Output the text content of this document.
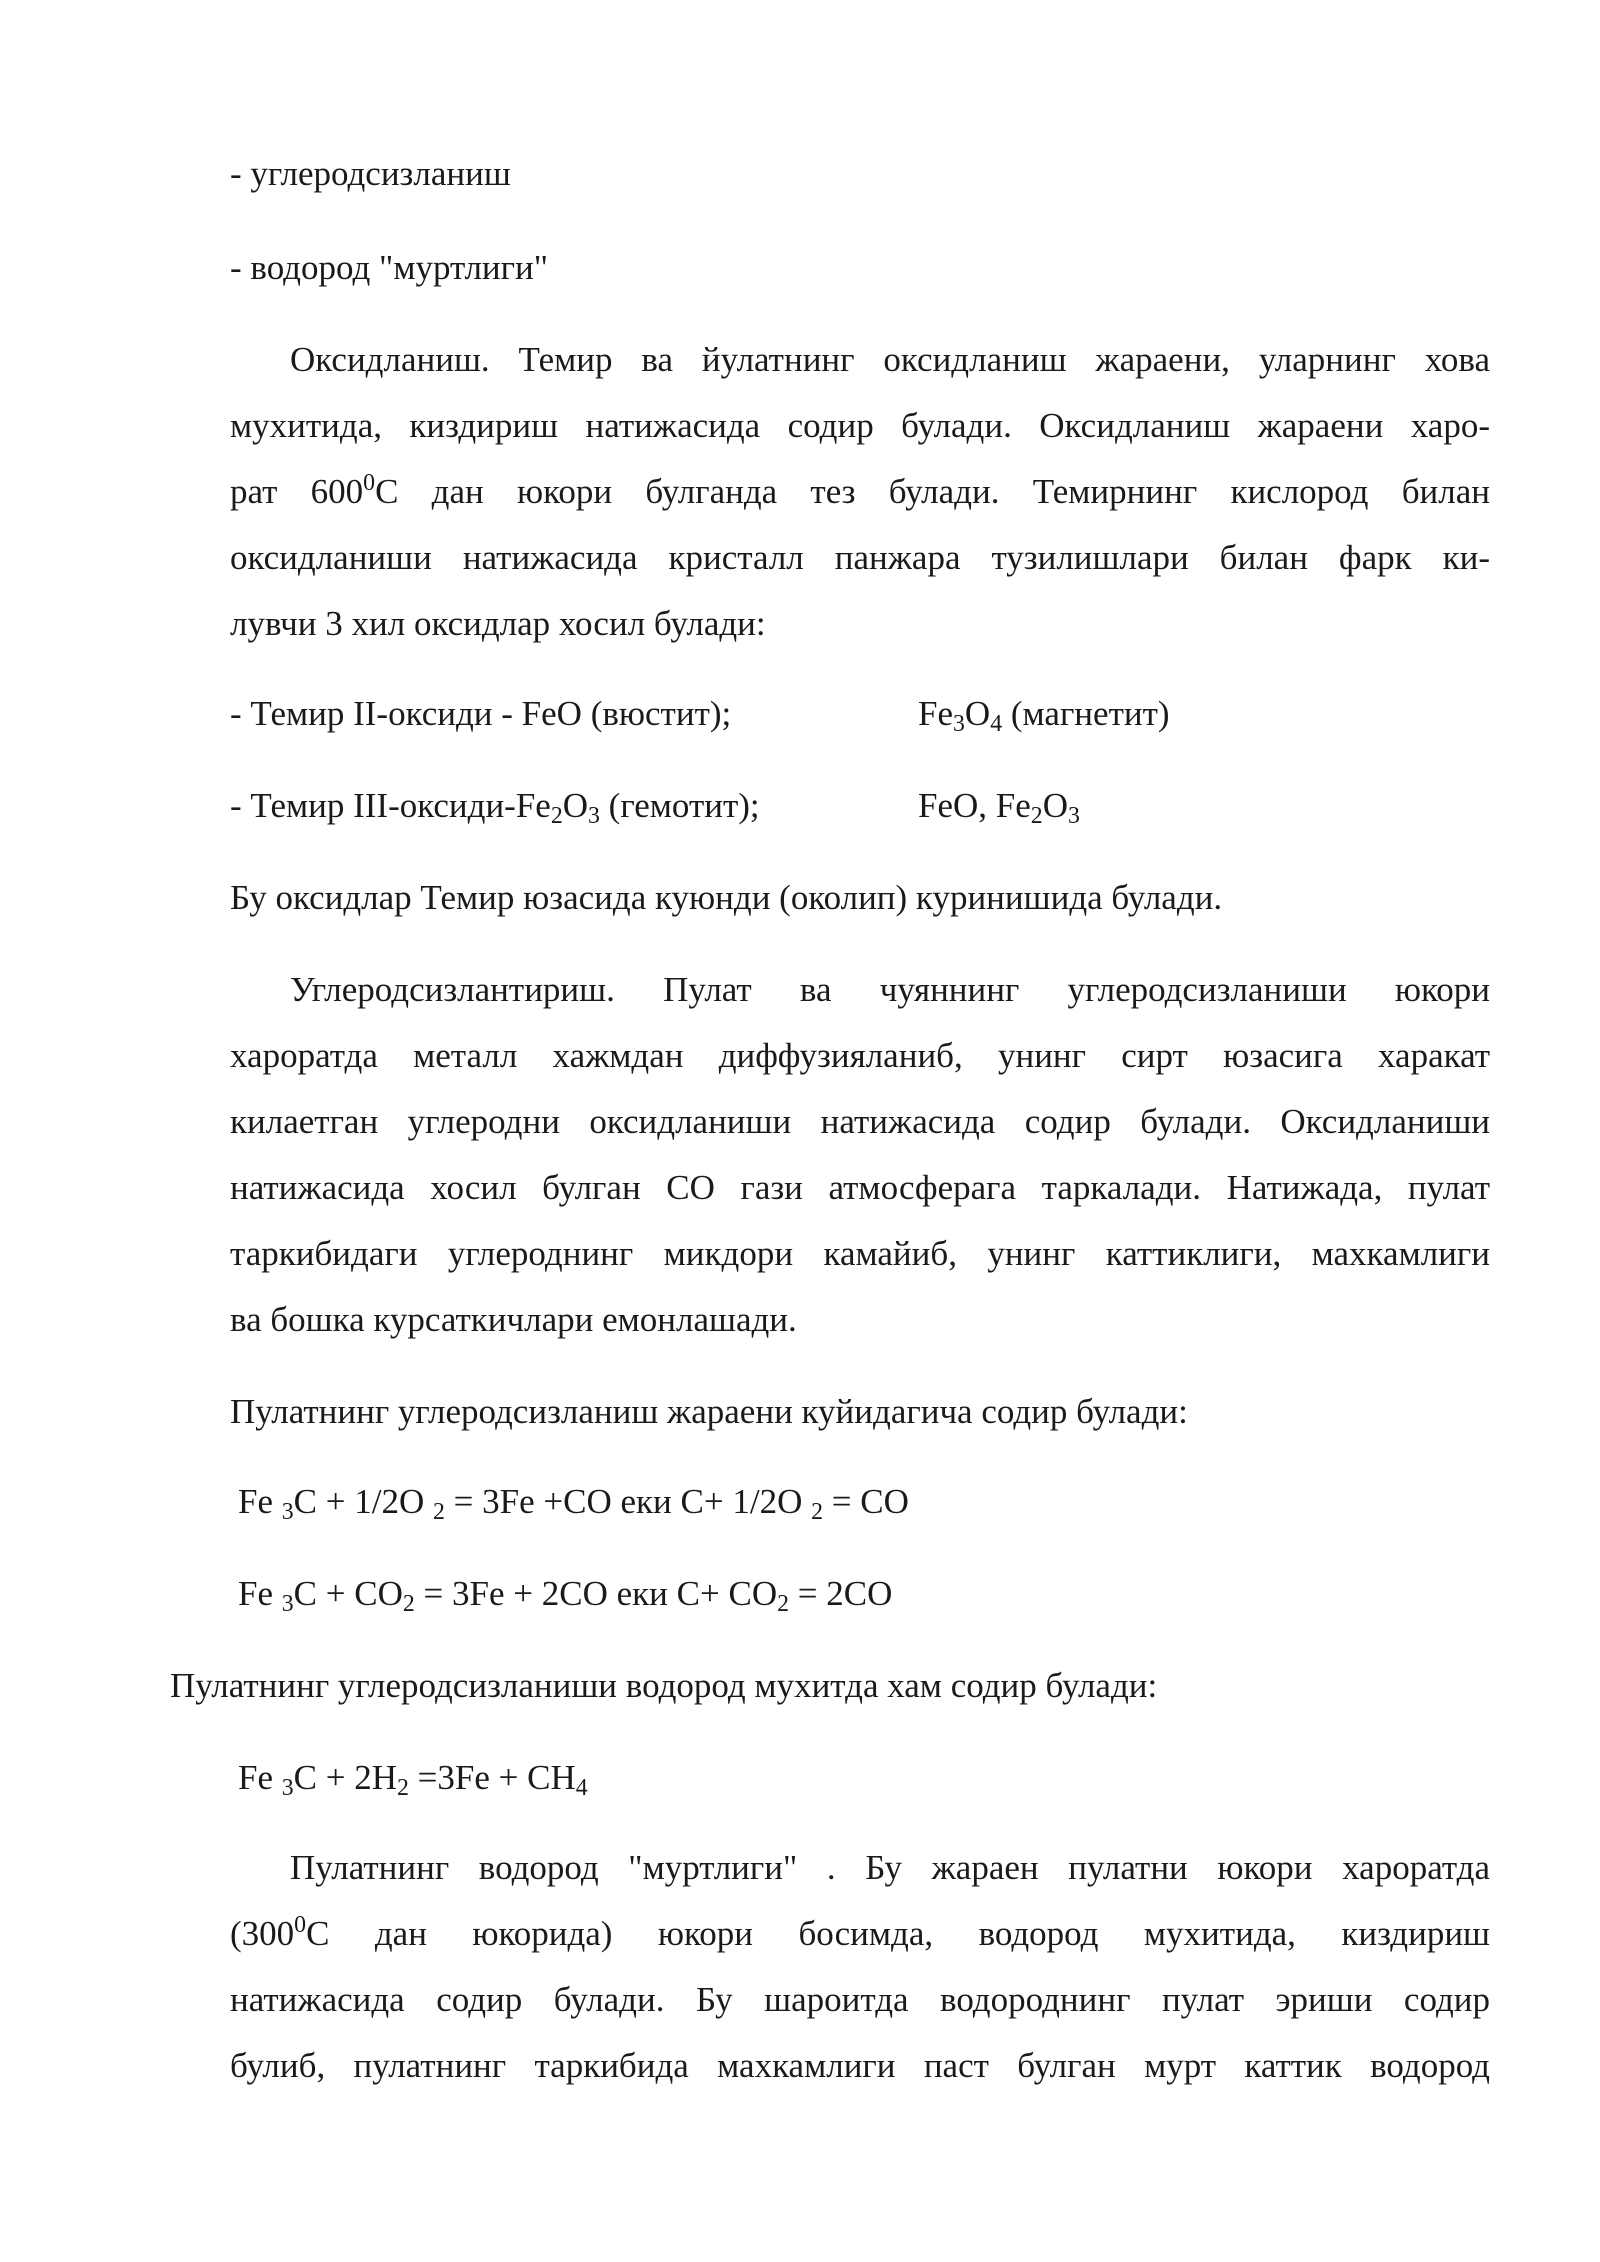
- углеродсизланиш
- водород "муртлиги"
Оксидланиш. Темир ва йулатнинг оксидланиш жараени, уларнинг хова
мухитида, киздириш натижасида содир булади. Оксидланиш жараени харо-
рат $600^0С$ дан юкори булганда тез булади. Темирнинг кислород билан
оксидланиши натижасида кристалл панжара тузилишлари билан фарк ки-
лувчи 3 хил оксидлар хосил булади:
- Темир II-оксиди - FeO (вюстит);	$Fe_3O_4$ (магнетит)
- Темир III-$оксиди-Fe_2O_3$ (гемотит);	FeO, $Fe_2O_3$
Бу оксидлар Темир юзасида куюнди (околип) куринишида булади.
Углеродсизлантириш. Пулат ва чуяннинг углеродсизланиши юкори
хароратда металл хажмдан диффузияланиб, унинг сирт юзасига харакат
килаетган углеродни оксидланиши натижасида содир булади. Оксидланиши
натижасида хосил булган СО гази атмосферага таркалади. Натижада, пулат
таркибидаги углероднинг микдори камайиб, унинг каттиклиги, махкамлиги
ва бошка курсаткичлари емонлашади.
Пулатнинг углеродсизланиш жараени куйидагича содир булади:
Fe $_3$C + 1/2O $_2$ = 3Fe +CO еки C+ 1/2O $_2$ = CO
Fe $_3C + CO_2 = 3Fe + 2CO$ еки $C+ CO_2 = 2CO$
Пулатнинг углеродсизланиши водород мухитда хам содир булади:
Fe $_3C + 2H_2 =3Fe + CH_4$
Пулатнинг водород "муртлиги" . Бу жараен пулатни юкори хароратда
($300^0С$ дан юкорида) юкори босимда, водород мухитида, киздириш
натижасида содир булади. Бу шароитда водороднинг пулат эриши содир
булиб, пулатнинг таркибида махкамлиги паст булган мурт каттик водород
